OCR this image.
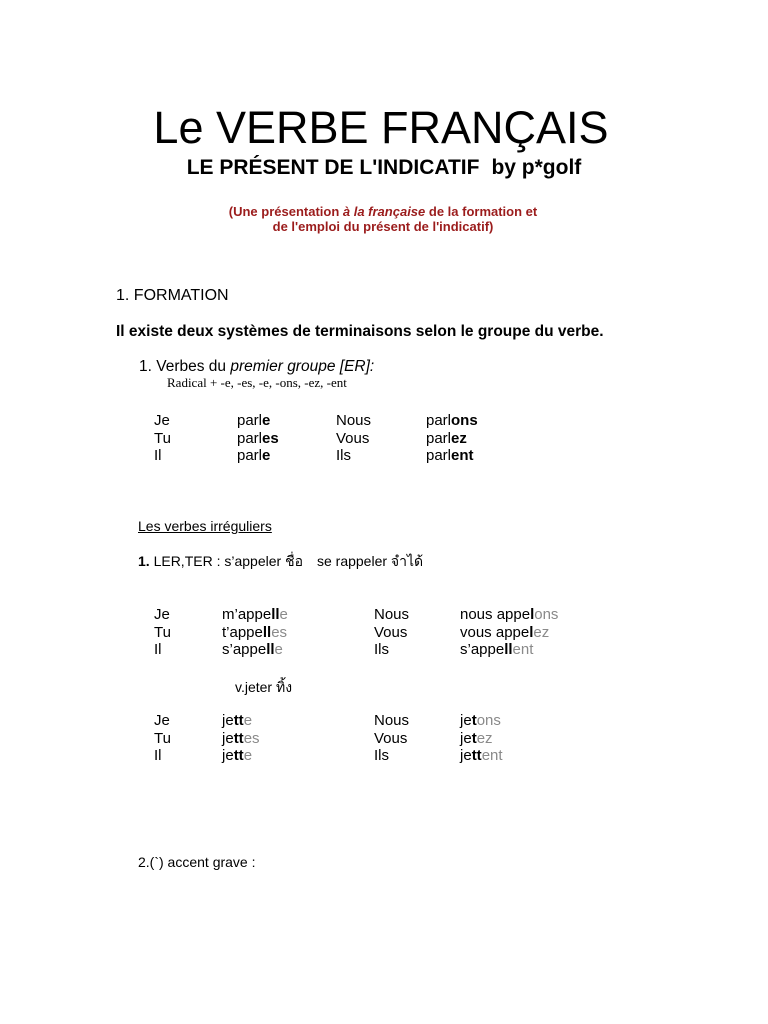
Le VERBE FRANÇAIS
LE PRÉSENT DE L'INDICATIF by p*golf
(Une présentation à la française de la formation et
de l'emploi du présent de l'indicatif)
1. FORMATION
Il existe deux systèmes de terminaisons selon le groupe du verbe.
1. Verbes du premier groupe [ER]:
Radical + -e, -es, -e, -ons, -ez, -ent
Je	parle	Nous	parlons
Tu	parles	Vous	parlez
Il	parle	Ils	parlent
Les verbes irréguliers
1. LER,TER : s’appeler ชื่อ se rappeler จำได้
Je	m’appelle	Nous	nous appelons
Tu	t’appelles	Vous	vous appelez
Il	s’appelle	Ils	s’appellent
v.jeter ทิ้ง
Je	jette	Nous	jetons
Tu	jettes	Vous	jetez
Il	jette	Ils	jettent
2.(`) accent grave :
